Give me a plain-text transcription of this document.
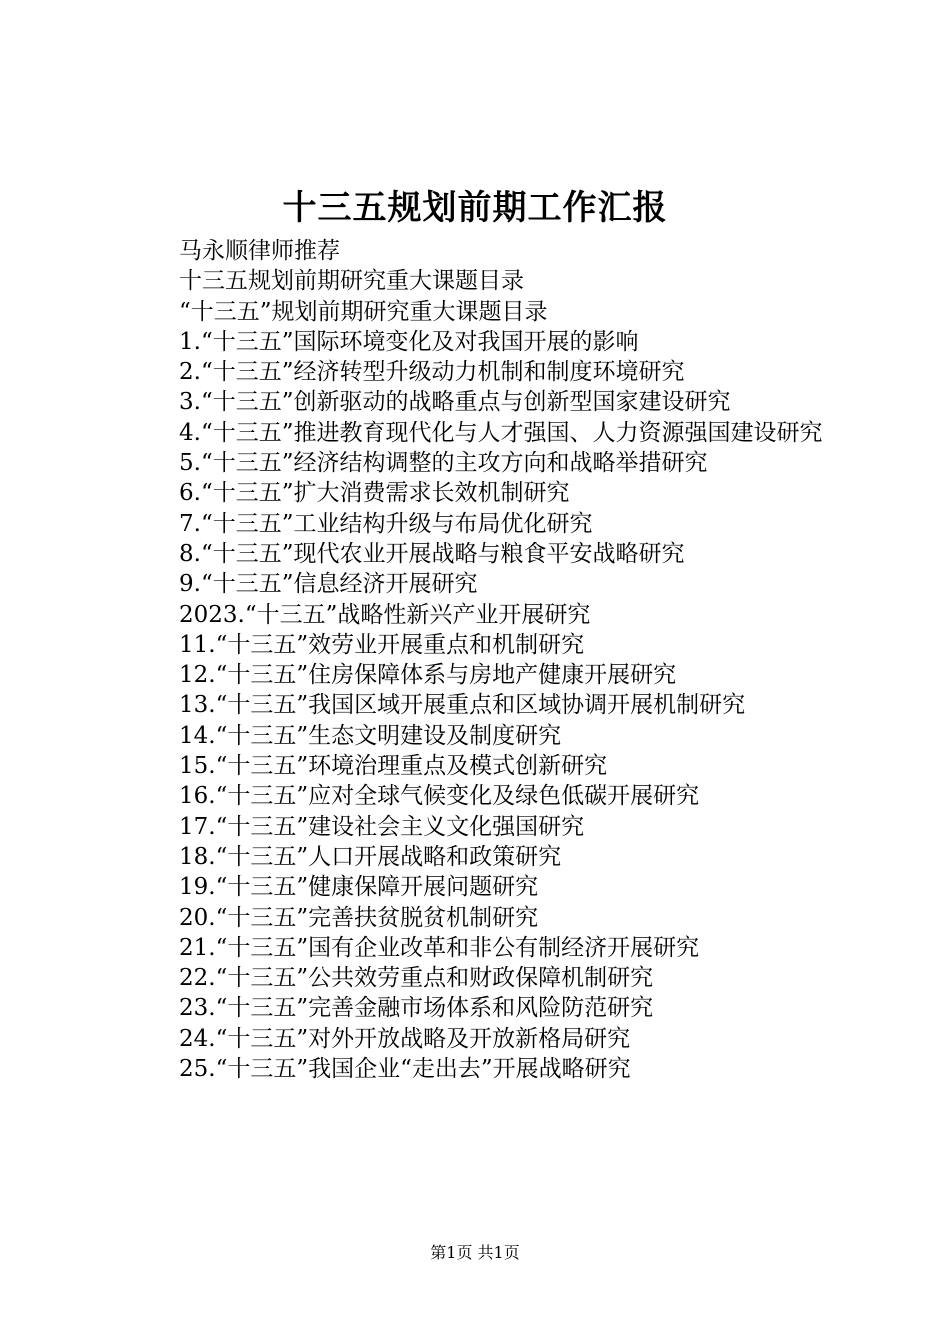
十三五规划前期工作汇报

马永顺律师推荐

十三五规划前期研究重大课题目录

“十三五”规划前期研究重大课题目录

1.“十三五”国际环境变化及对我国开展的影响

2.“十三五”经济转型升级动力机制和制度环境研究

3.“十三五”创新驱动的战略重点与创新型国家建设研究

4.“十三五”推进教育现代化与人才强国、人力资源强国建设研究

5.“十三五”经济结构调整的主攻方向和战略举措研究

6.“十三五”扩大消费需求长效机制研究

7.“十三五”工业结构升级与布局优化研究

8.“十三五”现代农业开展战略与粮食平安战略研究

9.“十三五”信息经济开展研究

2023.“十三五”战略性新兴产业开展研究

11.“十三五”效劳业开展重点和机制研究

12.“十三五”住房保障体系与房地产健康开展研究

13.“十三五”我国区域开展重点和区域协调开展机制研究

14.“十三五”生态文明建设及制度研究

15.“十三五”环境治理重点及模式创新研究

16.“十三五”应对全球气候变化及绿色低碳开展研究

17.“十三五”建设社会主义文化强国研究

18.“十三五”人口开展战略和政策研究

19.“十三五”健康保障开展问题研究

20.“十三五”完善扶贫脱贫机制研究

21.“十三五”国有企业改革和非公有制经济开展研究

22.“十三五”公共效劳重点和财政保障机制研究

23.“十三五”完善金融市场体系和风险防范研究

24.“十三五”对外开放战略及开放新格局研究

25.“十三五”我国企业“走出去”开展战略研究

第1页 共1页
